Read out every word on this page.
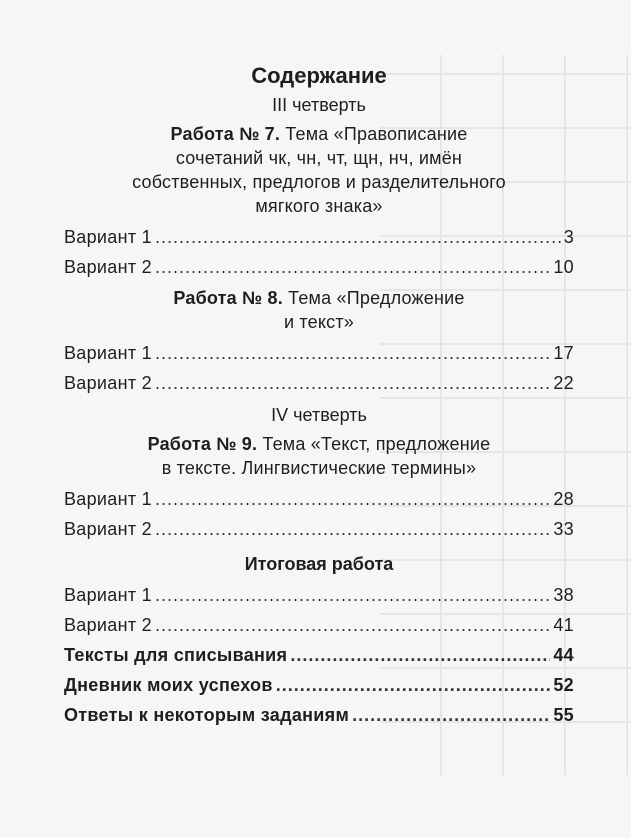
Содержание
III четверть
Работа № 7. Тема «Правописание
сочетаний чк, чн, чт, щн, нч, имён
собственных, предлогов и разделительного
мягкого знака»
Вариант 1 .....	3
Вариант 2 .....	10
Работа № 8. Тема «Предложение
и текст»
Вариант 1 .....	17
Вариант 2 .....	22
IV четверть
Работа № 9. Тема «Текст, предложение
в тексте. Лингвистические термины»
Вариант 1 .....	28
Вариант 2 .....	33
Итоговая работа
Вариант 1 .....	38
Вариант 2 .....	41
Тексты для списывания .....	44
Дневник моих успехов .....	52
Ответы к некоторым заданиям .....	55
